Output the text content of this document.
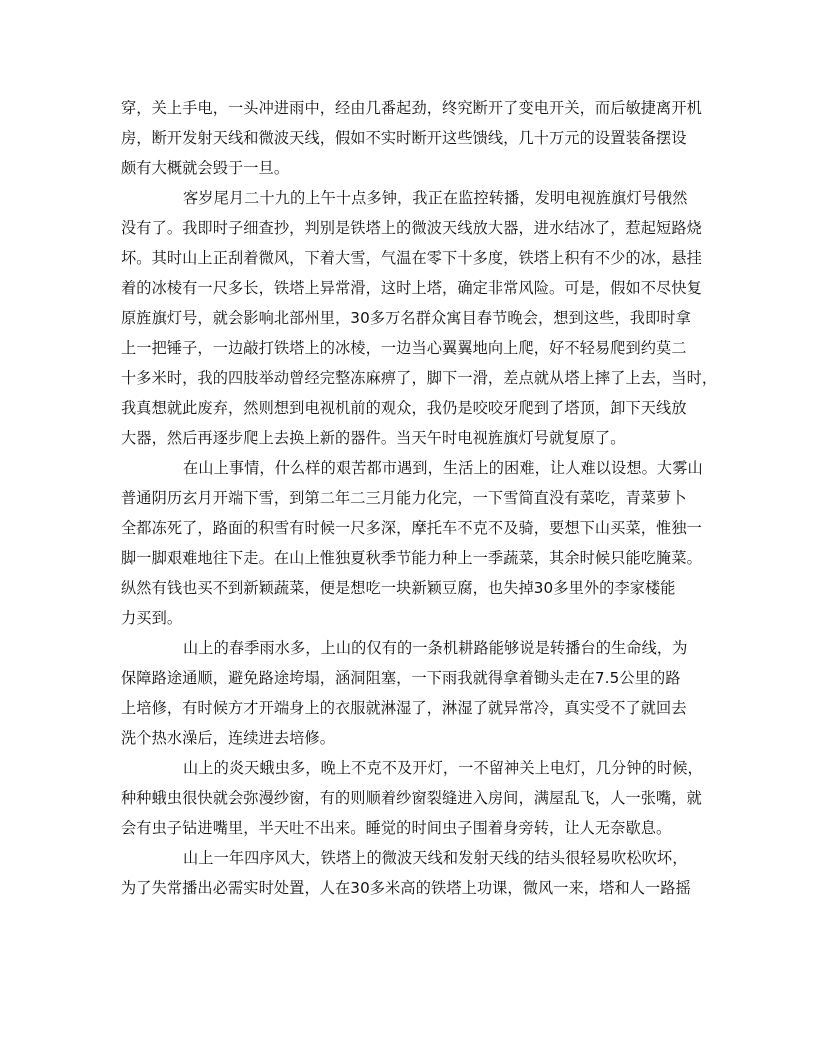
穿，关上手电，一头冲进雨中，经由几番起劲，终究断开了变电开关，而后敏捷离开机
房，断开发射天线和微波天线，假如不实时断开这些馈线，几十万元的设置装备摆设
颇有大概就会毁于一旦。
客岁尾月二十九的上午十点多钟，我正在监控转播，发明电视旌旗灯号俄然
没有了。我即时子细查抄，判别是铁塔上的微波天线放大器，进水结冰了，惹起短路烧
坏。其时山上正刮着微风，下着大雪，气温在零下十多度，铁塔上积有不少的冰，悬挂
着的冰棱有一尺多长，铁塔上异常滑，这时上塔，确定非常风险。可是，假如不尽快复
原旌旗灯号，就会影响北部州里，30多万名群众寓目春节晚会，想到这些，我即时拿
上一把锤子，一边敲打铁塔上的冰棱，一边当心翼翼地向上爬，好不轻易爬到约莫二
十多米时，我的四肢举动曾经完整冻麻痹了，脚下一滑，差点就从塔上摔了上去，当时，
我真想就此废弃，然则想到电视机前的观众，我仍是咬咬牙爬到了塔顶，卸下天线放
大器，然后再逐步爬上去换上新的器件。当天午时电视旌旗灯号就复原了。
在山上事情，什么样的艰苦都市遇到，生活上的困难，让人难以设想。大雾山
普通阴历玄月开端下雪，到第二年二三月能力化完，一下雪简直没有菜吃，青菜萝卜
全都冻死了，路面的积雪有时候一尺多深，摩托车不克不及骑，要想下山买菜，惟独一
脚一脚艰难地往下走。在山上惟独夏秋季节能力种上一季蔬菜，其余时候只能吃腌菜。
纵然有钱也买不到新颖蔬菜，便是想吃一块新颖豆腐，也失掉30多里外的李家楼能
力买到。
山上的春季雨水多，上山的仅有的一条机耕路能够说是转播台的生命线，为
保障路途通顺，避免路途垮塌，涵洞阻塞，一下雨我就得拿着锄头走在7.5公里的路
上培修，有时候方才开端身上的衣服就淋湿了，淋湿了就异常冷，真实受不了就回去
洗个热水澡后，连续进去培修。
山上的炎天蛾虫多，晚上不克不及开灯，一不留神关上电灯，几分钟的时候，
种种蛾虫很快就会弥漫纱窗，有的则顺着纱窗裂缝进入房间，满屋乱飞，人一张嘴，就
会有虫子钻进嘴里，半天吐不出来。睡觉的时间虫子围着身旁转，让人无奈歇息。
山上一年四序风大，铁塔上的微波天线和发射天线的结头很轻易吹松吹坏，
为了失常播出必需实时处置，人在30多米高的铁塔上功课，微风一来，塔和人一路摇
